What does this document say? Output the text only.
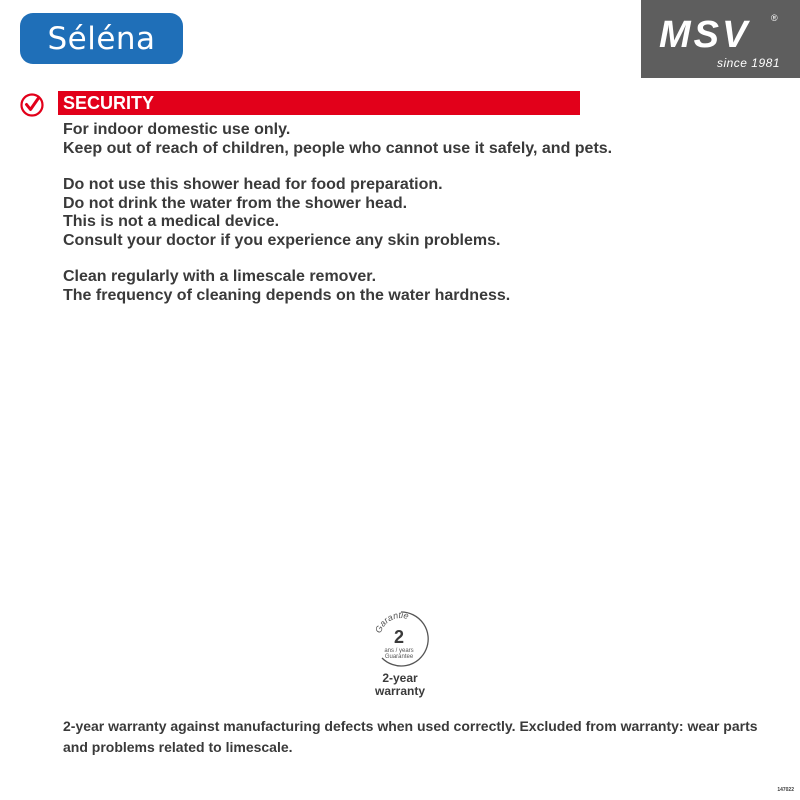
Séléna	MSV ®
since 1981
SECURITY

For indoor domestic use only.
Keep out of reach of children, people who cannot use it safely, and pets.

Do not use this shower head for food preparation.
Do not drink the water from the shower head.
This is not a medical device.
Consult your doctor if you experience any skin problems.

Clean regularly with a limescale remover.
The frequency of cleaning depends on the water hardness.

Garantie
2
ans / years
Guarantee
2-year
warranty
2-year warranty against manufacturing defects when used correctly. Excluded from warranty: wear parts and problems related to limescale.
147022
